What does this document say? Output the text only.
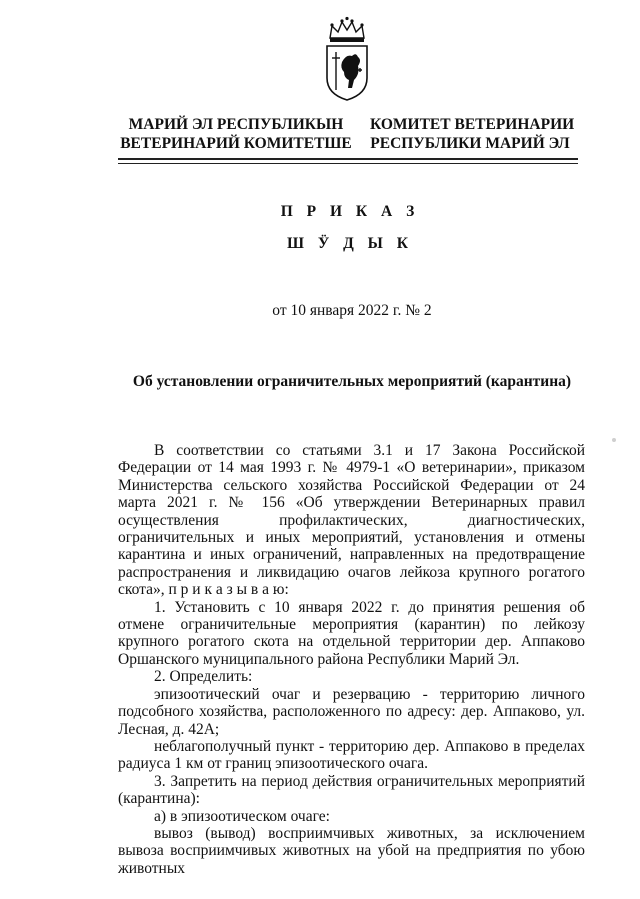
МАРИЙ ЭЛ РЕСПУБЛИКЫН
ВЕТЕРИНАРИЙ КОМИТЕТШЕ
КОМИТЕТ ВЕТЕРИНАРИИ
РЕСПУБЛИКИ МАРИЙ ЭЛ
П Р И К А З
Ш Ӱ Д Ы К
от 10 января 2022 г. № 2
Об установлении ограничительных мероприятий (карантина)

В соответствии со статьями 3.1 и 17 Закона Российской Федерации от 14 мая 1993 г. № 4979-1 «О ветеринарии», приказом Министерства сельского хозяйства Российской Федерации от 24 марта 2021 г. № 156 «Об утверждении Ветеринарных правил осуществления профилактических, диагностических, ограничительных и иных мероприятий, установления и отмены карантина и иных ограничений, направленных на предотвращение распространения и ликвидацию очагов лейкоза крупного рогатого скота», п р и к а з ы в а ю:

1. Установить с 10 января 2022 г. до принятия решения об отмене ограничительные мероприятия (карантин) по лейкозу крупного рогатого скота на отдельной территории дер. Аппаково Оршанского муниципального района Республики Марий Эл.

2. Определить:

эпизоотический очаг и резервацию - территорию личного подсобного хозяйства, расположенного по адресу: дер. Аппаково, ул. Лесная, д. 42А;

неблагополучный пункт - территорию дер. Аппаково в пределах радиуса 1 км от границ эпизоотического очага.

3. Запретить на период действия ограничительных мероприятий (карантина):

а) в эпизоотическом очаге:

вывоз (вывод) восприимчивых животных, за исключением вывоза восприимчивых животных на убой на предприятия по убою животных
